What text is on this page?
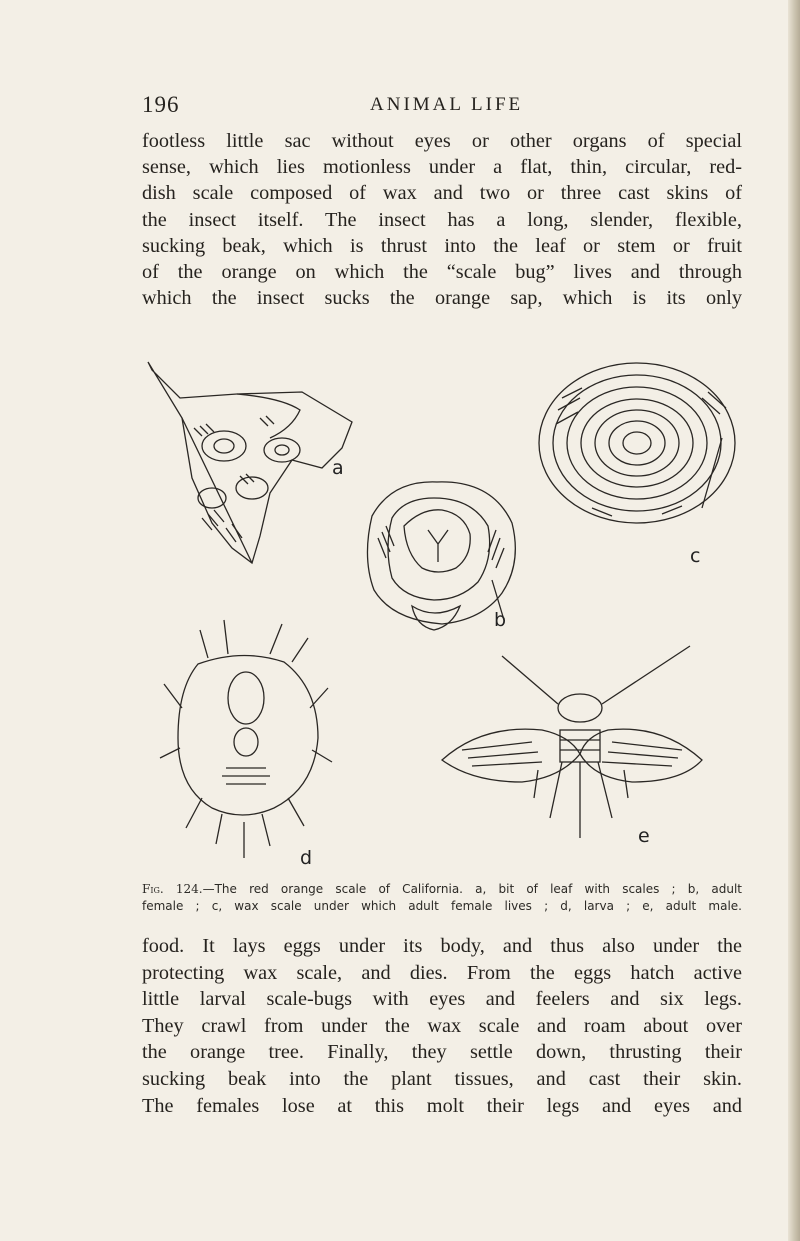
196	ANIMAL LIFE
footless little sac without eyes or other organs of special
sense, which lies motionless under a flat, thin, circular, red-
dish scale composed of wax and two or three cast skins of
the insect itself. The insect has a long, slender, flexible,
sucking beak, which is thrust into the leaf or stem or fruit
of the orange on which the “scale bug” lives and through
which the insect sucks the orange sap, which is its only
a
b
c
d
e
Fig. 124.—The red orange scale of California. a, bit of leaf with scales ; b, adult
female ; c, wax scale under which adult female lives ; d, larva ; e, adult male.
food. It lays eggs under its body, and thus also under the
protecting wax scale, and dies. From the eggs hatch active
little larval scale-bugs with eyes and feelers and six legs.
They crawl from under the wax scale and roam about over
the orange tree. Finally, they settle down, thrusting their
sucking beak into the plant tissues, and cast their skin.
The females lose at this molt their legs and eyes and
